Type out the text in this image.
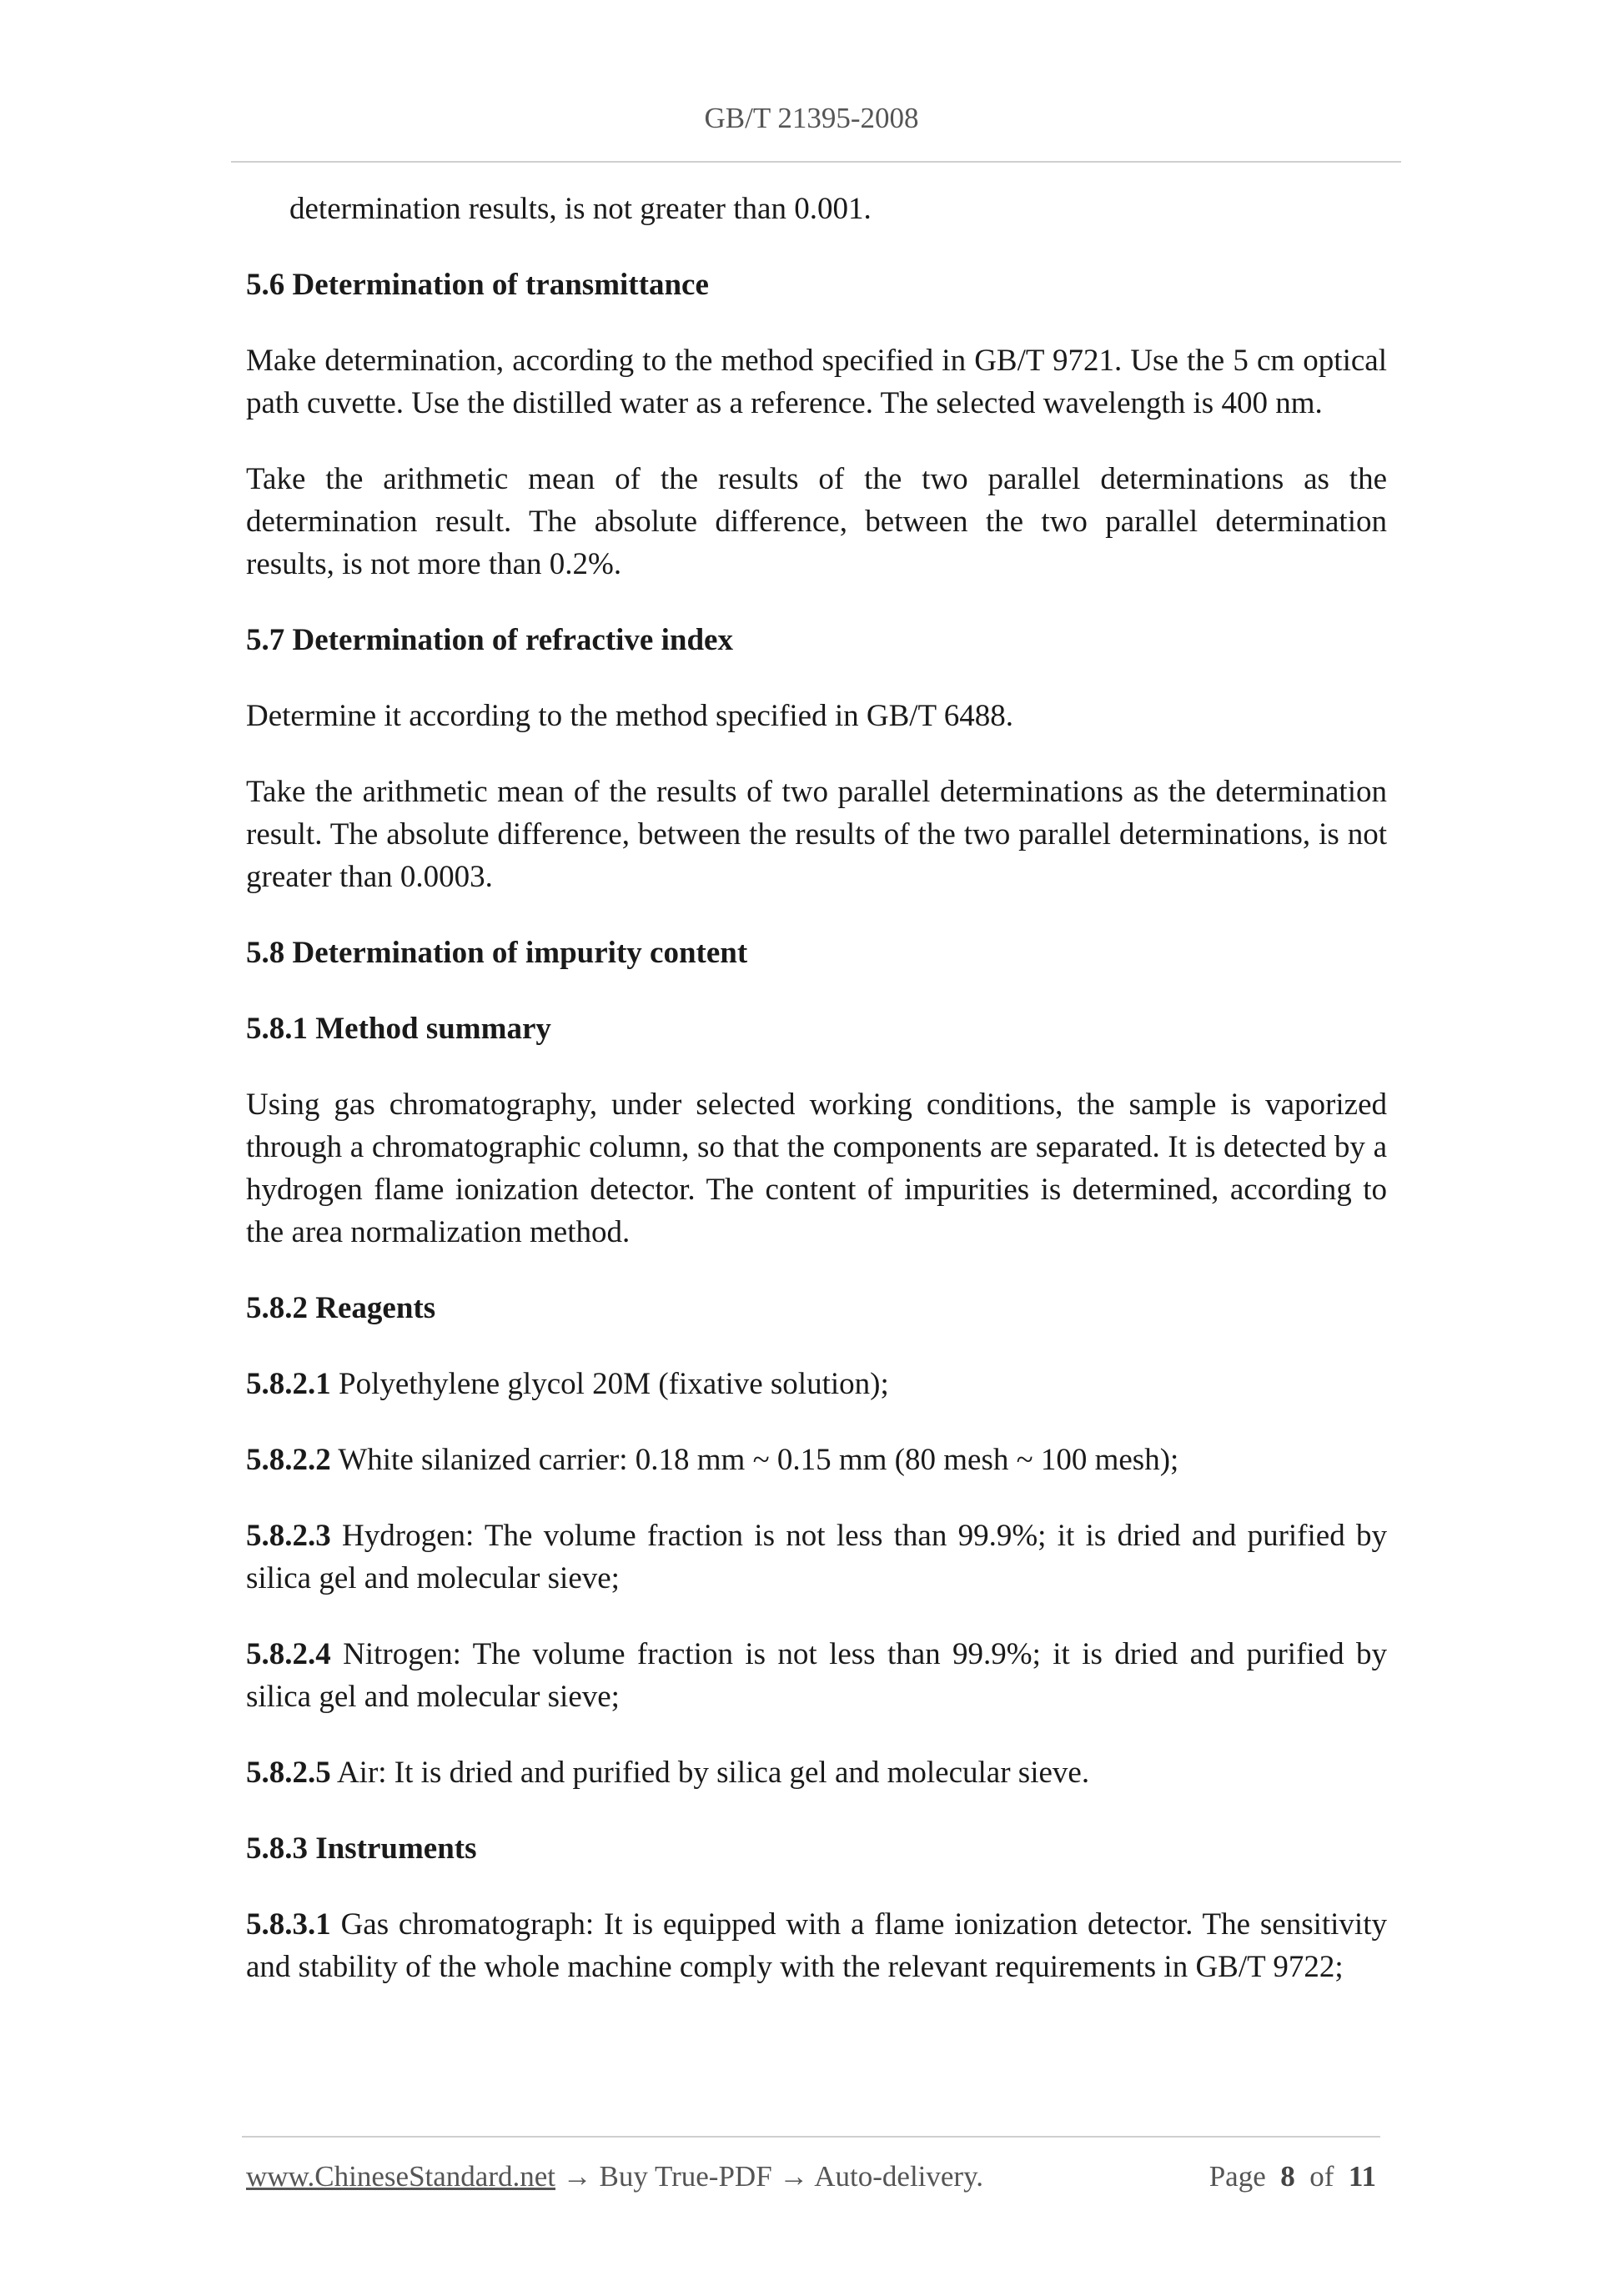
GB/T 21395-2008

determination results, is not greater than 0.001.

5.6 Determination of transmittance

Make determination, according to the method specified in GB/T 9721. Use the 5 cm optical path cuvette. Use the distilled water as a reference. The selected wavelength is 400 nm.

Take the arithmetic mean of the results of the two parallel determinations as the determination result. The absolute difference, between the two parallel determination results, is not more than 0.2%.

5.7 Determination of refractive index

Determine it according to the method specified in GB/T 6488.

Take the arithmetic mean of the results of two parallel determinations as the determination result. The absolute difference, between the results of the two parallel determinations, is not greater than 0.0003.

5.8 Determination of impurity content
5.8.1 Method summary

Using gas chromatography, under selected working conditions, the sample is vaporized through a chromatographic column, so that the components are separated. It is detected by a hydrogen flame ionization detector. The content of impurities is determined, according to the area normalization method.

5.8.2 Reagents

5.8.2.1 Polyethylene glycol 20M (fixative solution);

5.8.2.2 White silanized carrier: 0.18 mm ~ 0.15 mm (80 mesh ~ 100 mesh);

5.8.2.3 Hydrogen: The volume fraction is not less than 99.9%; it is dried and purified by silica gel and molecular sieve;

5.8.2.4 Nitrogen: The volume fraction is not less than 99.9%; it is dried and purified by silica gel and molecular sieve;

5.8.2.5 Air: It is dried and purified by silica gel and molecular sieve.

5.8.3 Instruments

5.8.3.1 Gas chromatograph: It is equipped with a flame ionization detector. The sensitivity and stability of the whole machine comply with the relevant requirements in GB/T 9722;

www.ChineseStandard.net → Buy True-PDF → Auto-delivery.	Page 8 of 11
